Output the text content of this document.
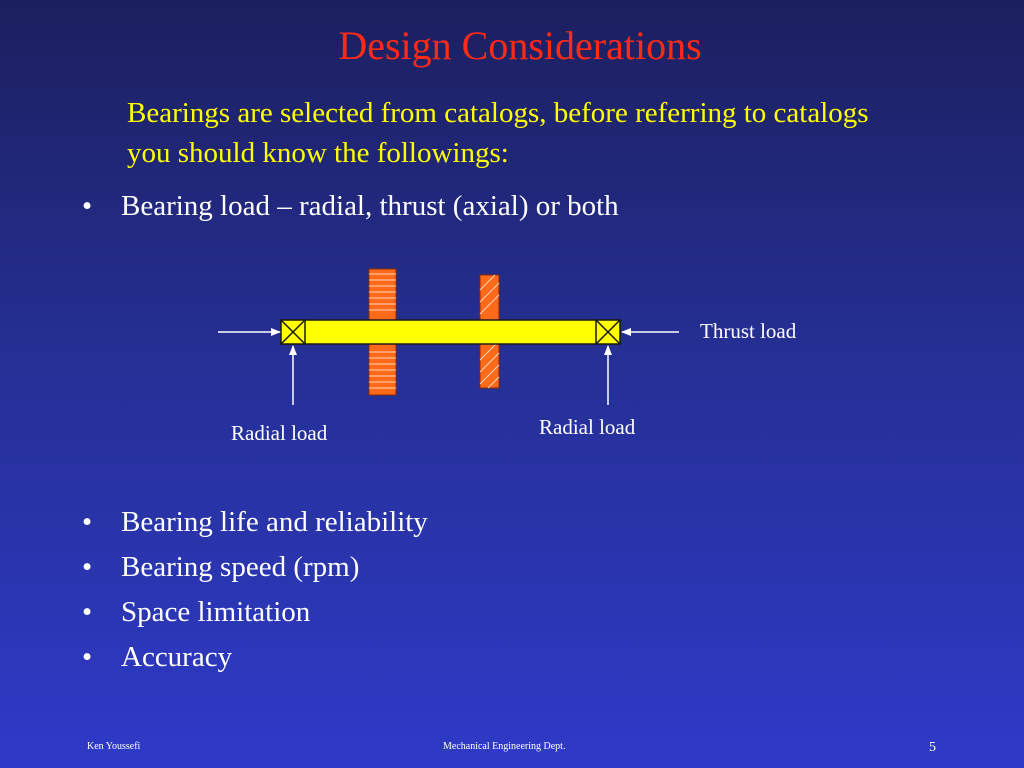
Design Considerations
Bearings are selected from catalogs, before referring to catalogs you should know the followings:
• Bearing load – radial, thrust (axial) or both
Thrust load
Radial load	Radial load
• Bearing life and reliability
• Bearing speed (rpm)
• Space limitation
• Accuracy
Ken Youssefi	Mechanical Engineering Dept.	5
